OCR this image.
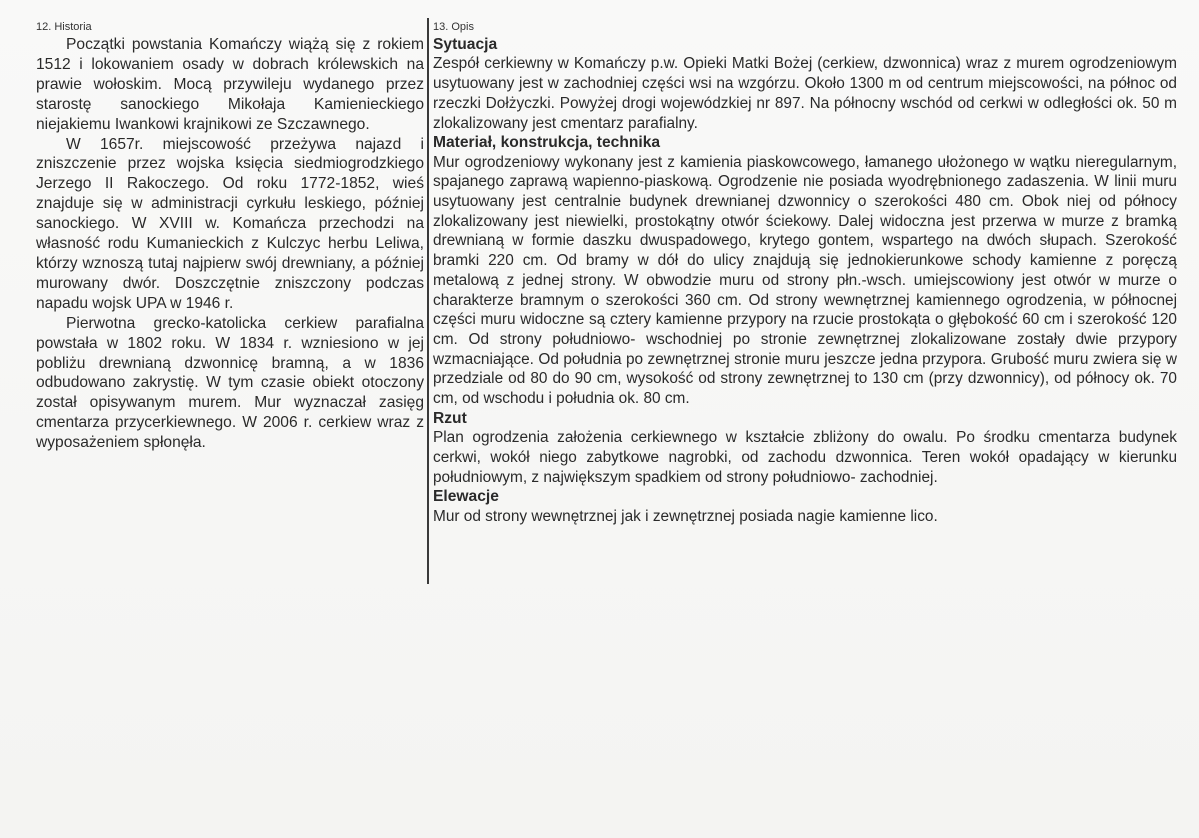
12. Historia

Początki powstania Komańczy wiążą się z rokiem 1512 i lokowaniem osady w dobrach królewskich na prawie wołoskim. Mocą przywileju wydanego przez starostę sanockiego Mikołaja Kamienieckiego niejakiemu Iwankowi krajnikowi ze Szczawnego.

W 1657r. miejscowość przeżywa najazd i zniszczenie przez wojska księcia siedmiogrodzkiego Jerzego II Rakoczego. Od roku 1772-1852, wieś znajduje się w administracji cyrkułu leskiego, później sanockiego. W XVIII w. Komańcza przechodzi na własność rodu Kumanieckich z Kulczyc herbu Leliwa, którzy wznoszą tutaj najpierw swój drewniany, a później murowany dwór. Doszczętnie zniszczony podczas napadu wojsk UPA w 1946 r.

Pierwotna grecko-katolicka cerkiew parafialna powstała w 1802 roku. W 1834 r. wzniesiono w jej pobliżu drewnianą dzwonnicę bramną, a w 1836 odbudowano zakrystię. W tym czasie obiekt otoczony został opisywanym murem. Mur wyznaczał zasięg cmentarza przycerkiewnego. W 2006 r. cerkiew wraz z wyposażeniem spłonęła.

13. Opis
Sytuacja

Zespół cerkiewny w Komańczy p.w. Opieki Matki Bożej (cerkiew, dzwonnica) wraz z murem ogrodzeniowym usytuowany jest w zachodniej części wsi na wzgórzu. Około 1300 m od centrum miejscowości, na północ od rzeczki Dołżyczki. Powyżej drogi wojewódzkiej nr 897. Na północny wschód od cerkwi w odległości ok. 50 m zlokalizowany jest cmentarz parafialny.

Materiał, konstrukcja, technika

Mur ogrodzeniowy wykonany jest z kamienia piaskowcowego, łamanego ułożonego w wątku nieregularnym, spajanego zaprawą wapienno-piaskową. Ogrodzenie nie posiada wyodrębnionego zadaszenia. W linii muru usytuowany jest centralnie budynek drewnianej dzwonnicy o szerokości 480 cm. Obok niej od północy zlokalizowany jest niewielki, prostokątny otwór ściekowy. Dalej widoczna jest przerwa w murze z bramką drewnianą w formie daszku dwuspadowego, krytego gontem, wspartego na dwóch słupach. Szerokość bramki 220 cm. Od bramy w dół do ulicy znajdują się jednokierunkowe schody kamienne z poręczą metalową z jednej strony. W obwodzie muru od strony płn.-wsch. umiejscowiony jest otwór w murze o charakterze bramnym o szerokości 360 cm. Od strony wewnętrznej kamiennego ogrodzenia, w północnej części muru widoczne są cztery kamienne przypory na rzucie prostokąta o głębokość 60 cm i szerokość 120 cm. Od strony południowo- wschodniej po stronie zewnętrznej zlokalizowane zostały dwie przypory wzmacniające. Od południa po zewnętrznej stronie muru jeszcze jedna przypora. Grubość muru zwiera się w przedziale od 80 do 90 cm, wysokość od strony zewnętrznej to 130 cm (przy dzwonnicy), od północy ok. 70 cm, od wschodu i południa ok. 80 cm.

Rzut

Plan ogrodzenia założenia cerkiewnego w kształcie zbliżony do owalu. Po środku cmentarza budynek cerkwi, wokół niego zabytkowe nagrobki, od zachodu dzwonnica. Teren wokół opadający w kierunku południowym, z największym spadkiem od strony południowo- zachodniej.

Elewacje

Mur od strony wewnętrznej jak i zewnętrznej posiada nagie kamienne lico.
